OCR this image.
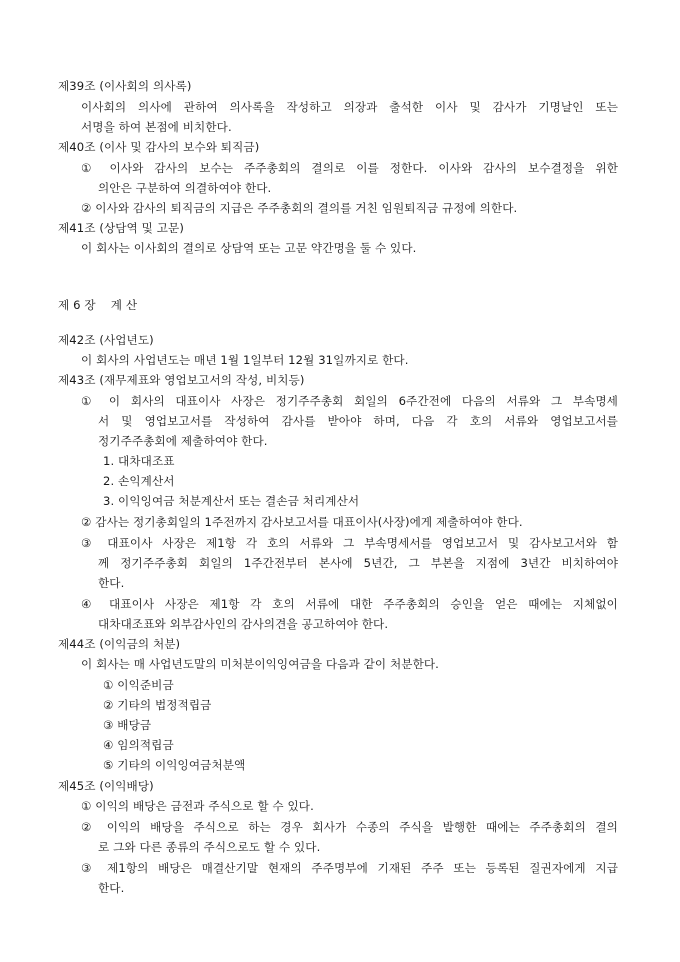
제39조 (이사회의 의사록)
이사회의 의사에 관하여 의사록을 작성하고 의장과 출석한 이사 및 감사가 기명날인 또는
서명을 하여 본점에 비치한다.
제40조 (이사 및 감사의 보수와 퇴직금)
① 이사와 감사의 보수는 주주총회의 결의로 이를 정한다. 이사와 감사의 보수결정을 위한
의안은 구분하여 의결하여야 한다.
② 이사와 감사의 퇴직금의 지급은 주주총회의 결의를 거친 임원퇴직금 규정에 의한다.
제41조 (상담역 및 고문)
이 회사는 이사회의 결의로 상담역 또는 고문 약간명을 둘 수 있다.
제 6 장    계 산
제42조 (사업년도)
이 회사의 사업년도는 매년 1월 1일부터 12월 31일까지로 한다.
제43조 (재무제표와 영업보고서의 작성, 비치등)
① 이 회사의 대표이사 사장은 정기주주총회 회일의 6주간전에 다음의 서류와 그 부속명세
서 및 영업보고서를 작성하여 감사를 받아야 하며, 다음 각 호의 서류와 영업보고서를
정기주주총회에 제출하여야 한다.
1. 대차대조표
2. 손익계산서
3. 이익잉여금 처분계산서 또는 결손금 처리계산서
② 감사는 정기총회일의 1주전까지 감사보고서를 대표이사(사장)에게 제출하여야 한다.
③ 대표이사 사장은 제1항 각 호의 서류와 그 부속명세서를 영업보고서 및 감사보고서와 함
께 정기주주총회 회일의 1주간전부터 본사에 5년간, 그 부본을 지점에 3년간 비치하여야
한다.
④ 대표이사 사장은 제1항 각 호의 서류에 대한 주주총회의 승인을 얻은 때에는 지체없이
대차대조표와 외부감사인의 감사의견을 공고하여야 한다.
제44조 (이익금의 처분)
이 회사는 매 사업년도말의 미처분이익잉여금을 다음과 같이 처분한다.
① 이익준비금
② 기타의 법정적립금
③ 배당금
④ 임의적립금
⑤ 기타의 이익잉여금처분액
제45조 (이익배당)
① 이익의 배당은 금전과 주식으로 할 수 있다.
② 이익의 배당을 주식으로 하는 경우 회사가 수종의 주식을 발행한 때에는 주주총회의 결의
로 그와 다른 종류의 주식으로도 할 수 있다.
③ 제1항의 배당은 매결산기말 현재의 주주명부에 기재된 주주 또는 등록된 질권자에게 지급
한다.
